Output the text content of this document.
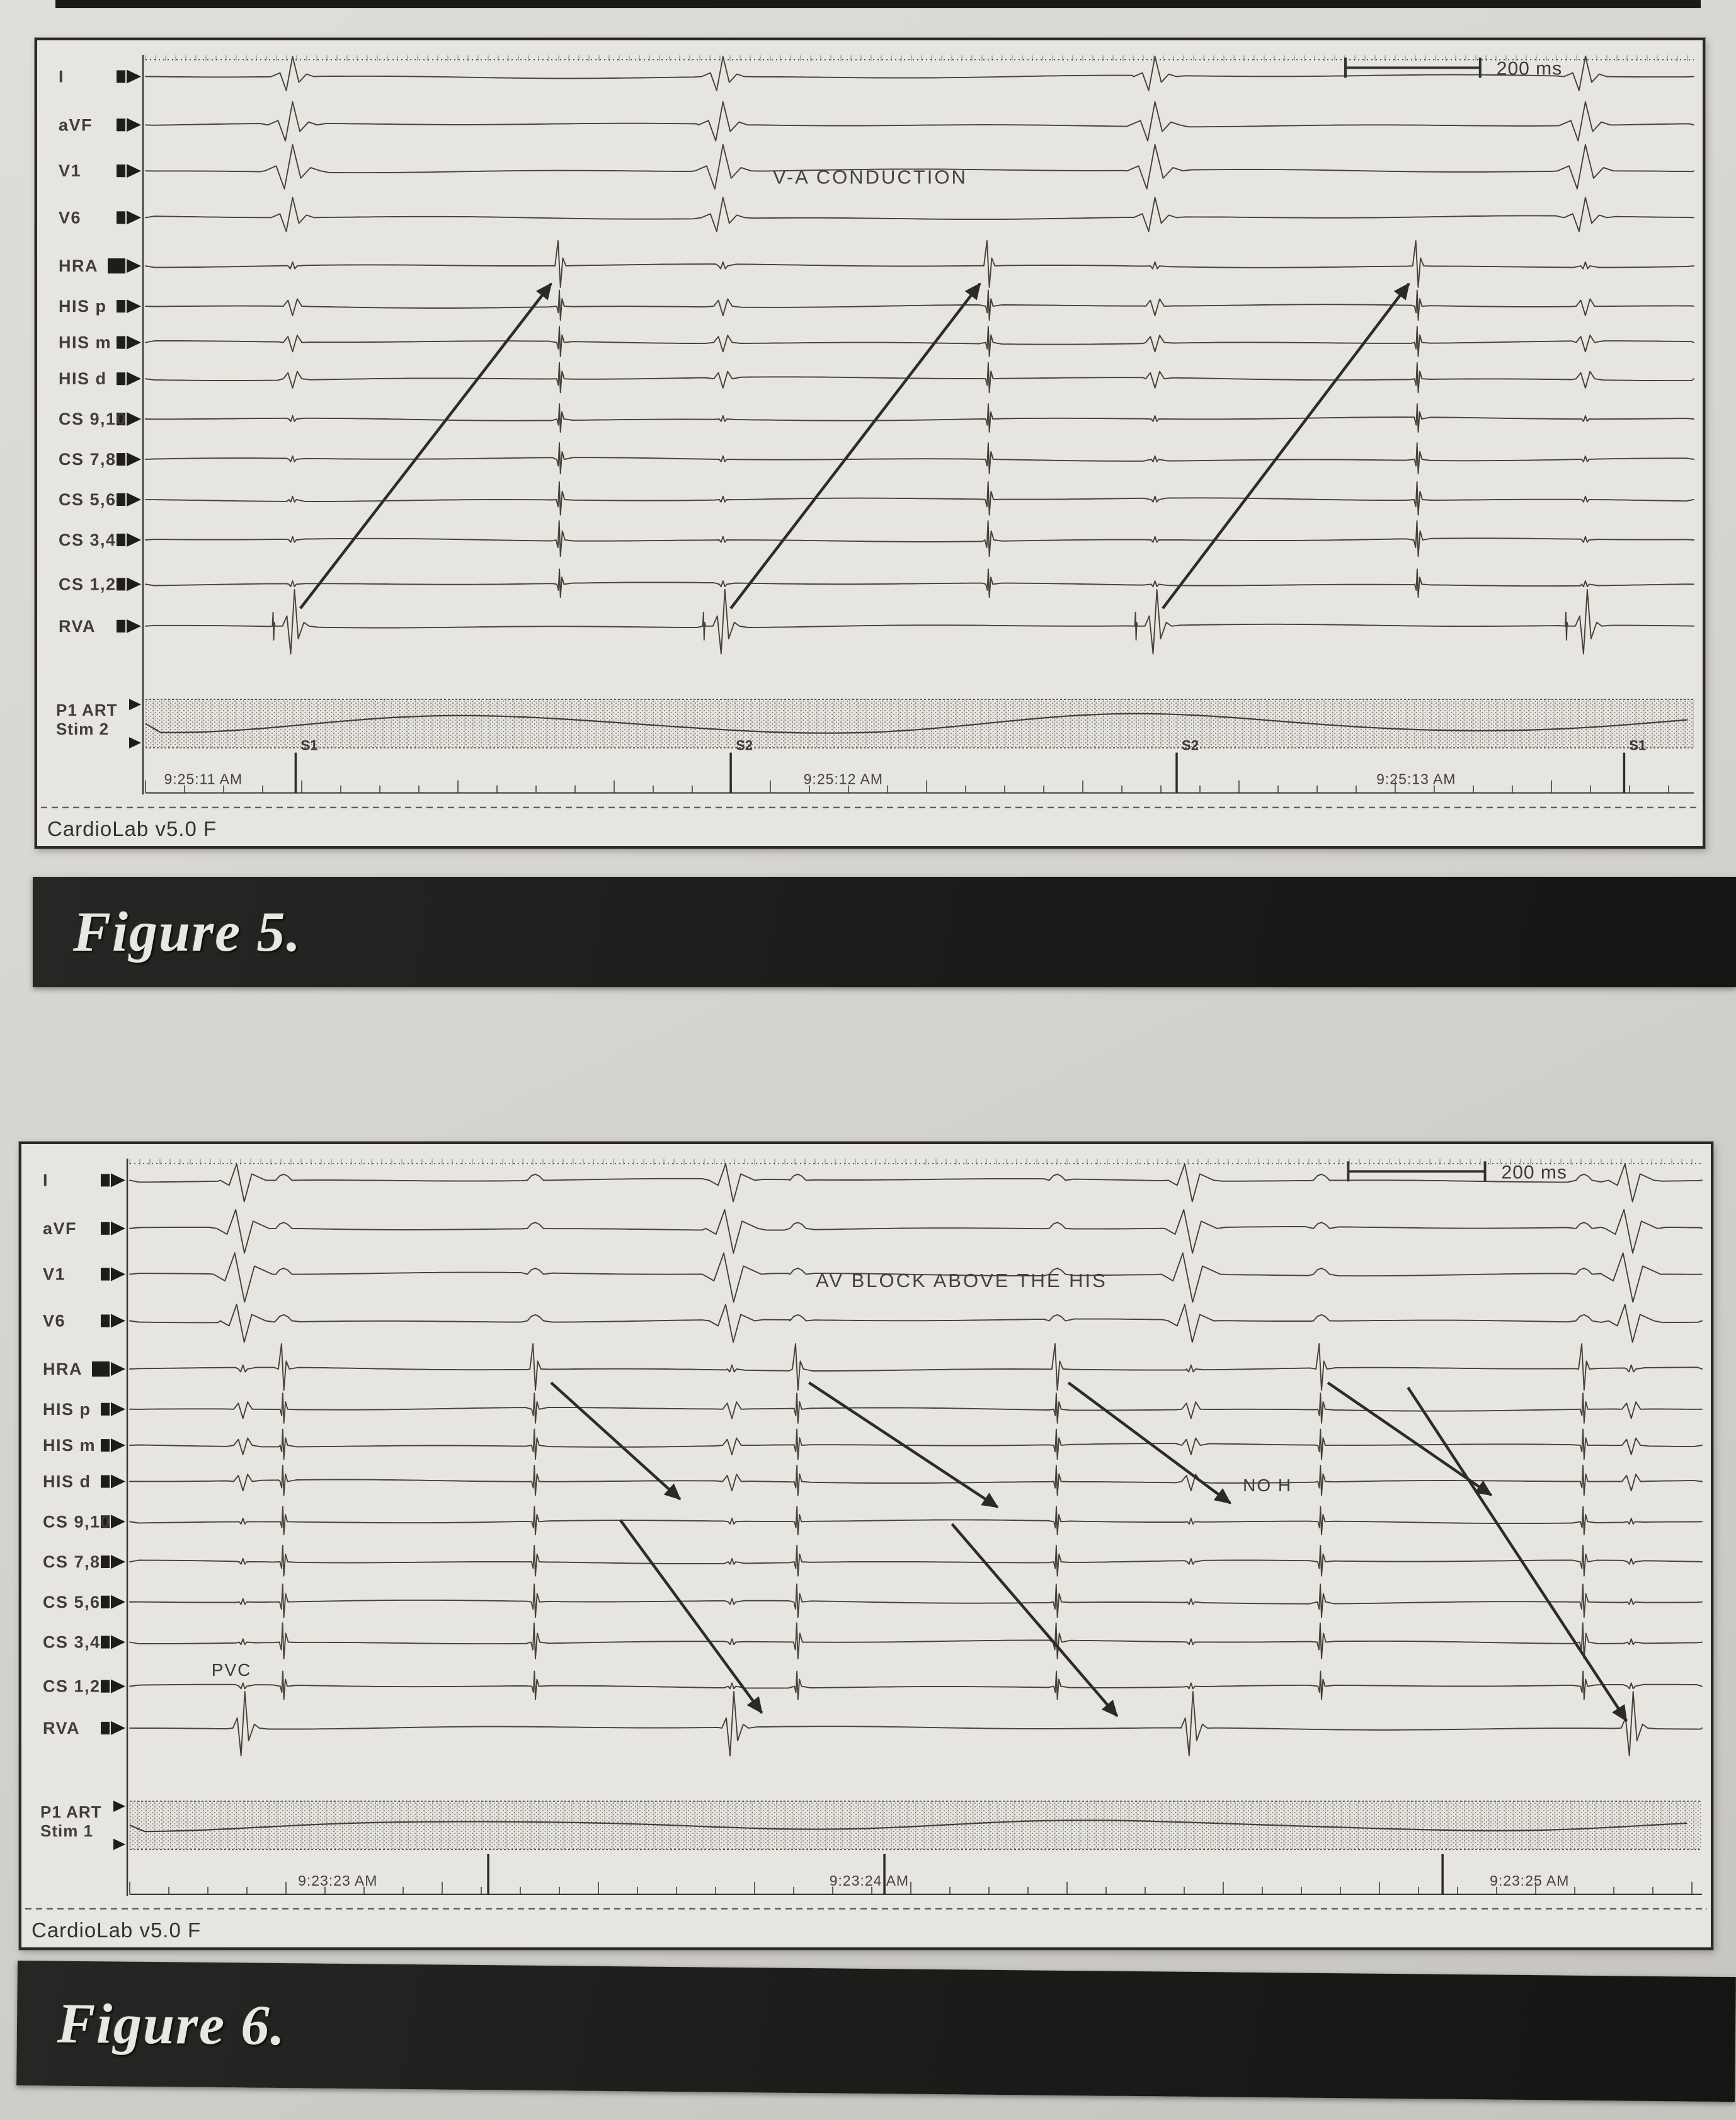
I
aVF
V1
V6
HRA
HIS p
HIS m
HIS d
CS 9,10
CS 7,8
CS 5,6
CS 3,4
CS 1,2
RVA
V-A CONDUCTION
200 ms
P1 ART
Stim 2
S1	S2	S2	S1
9:25:11 AM	9:25:12 AM	9:25:13 AM
CardioLab v5.0 F
Figure 5.
I
aVF
V1
V6
HRA
HIS p
HIS m
HIS d
CS 9,10
CS 7,8
CS 5,6
CS 3,4
CS 1,2
RVA
AV BLOCK ABOVE THE HIS
200 ms
P1 ART
Stim 1
9:23:23 AM	9:23:24 AM	9:23:25 AM
CardioLab v5.0 F
PVC
NO H
Figure 6.
